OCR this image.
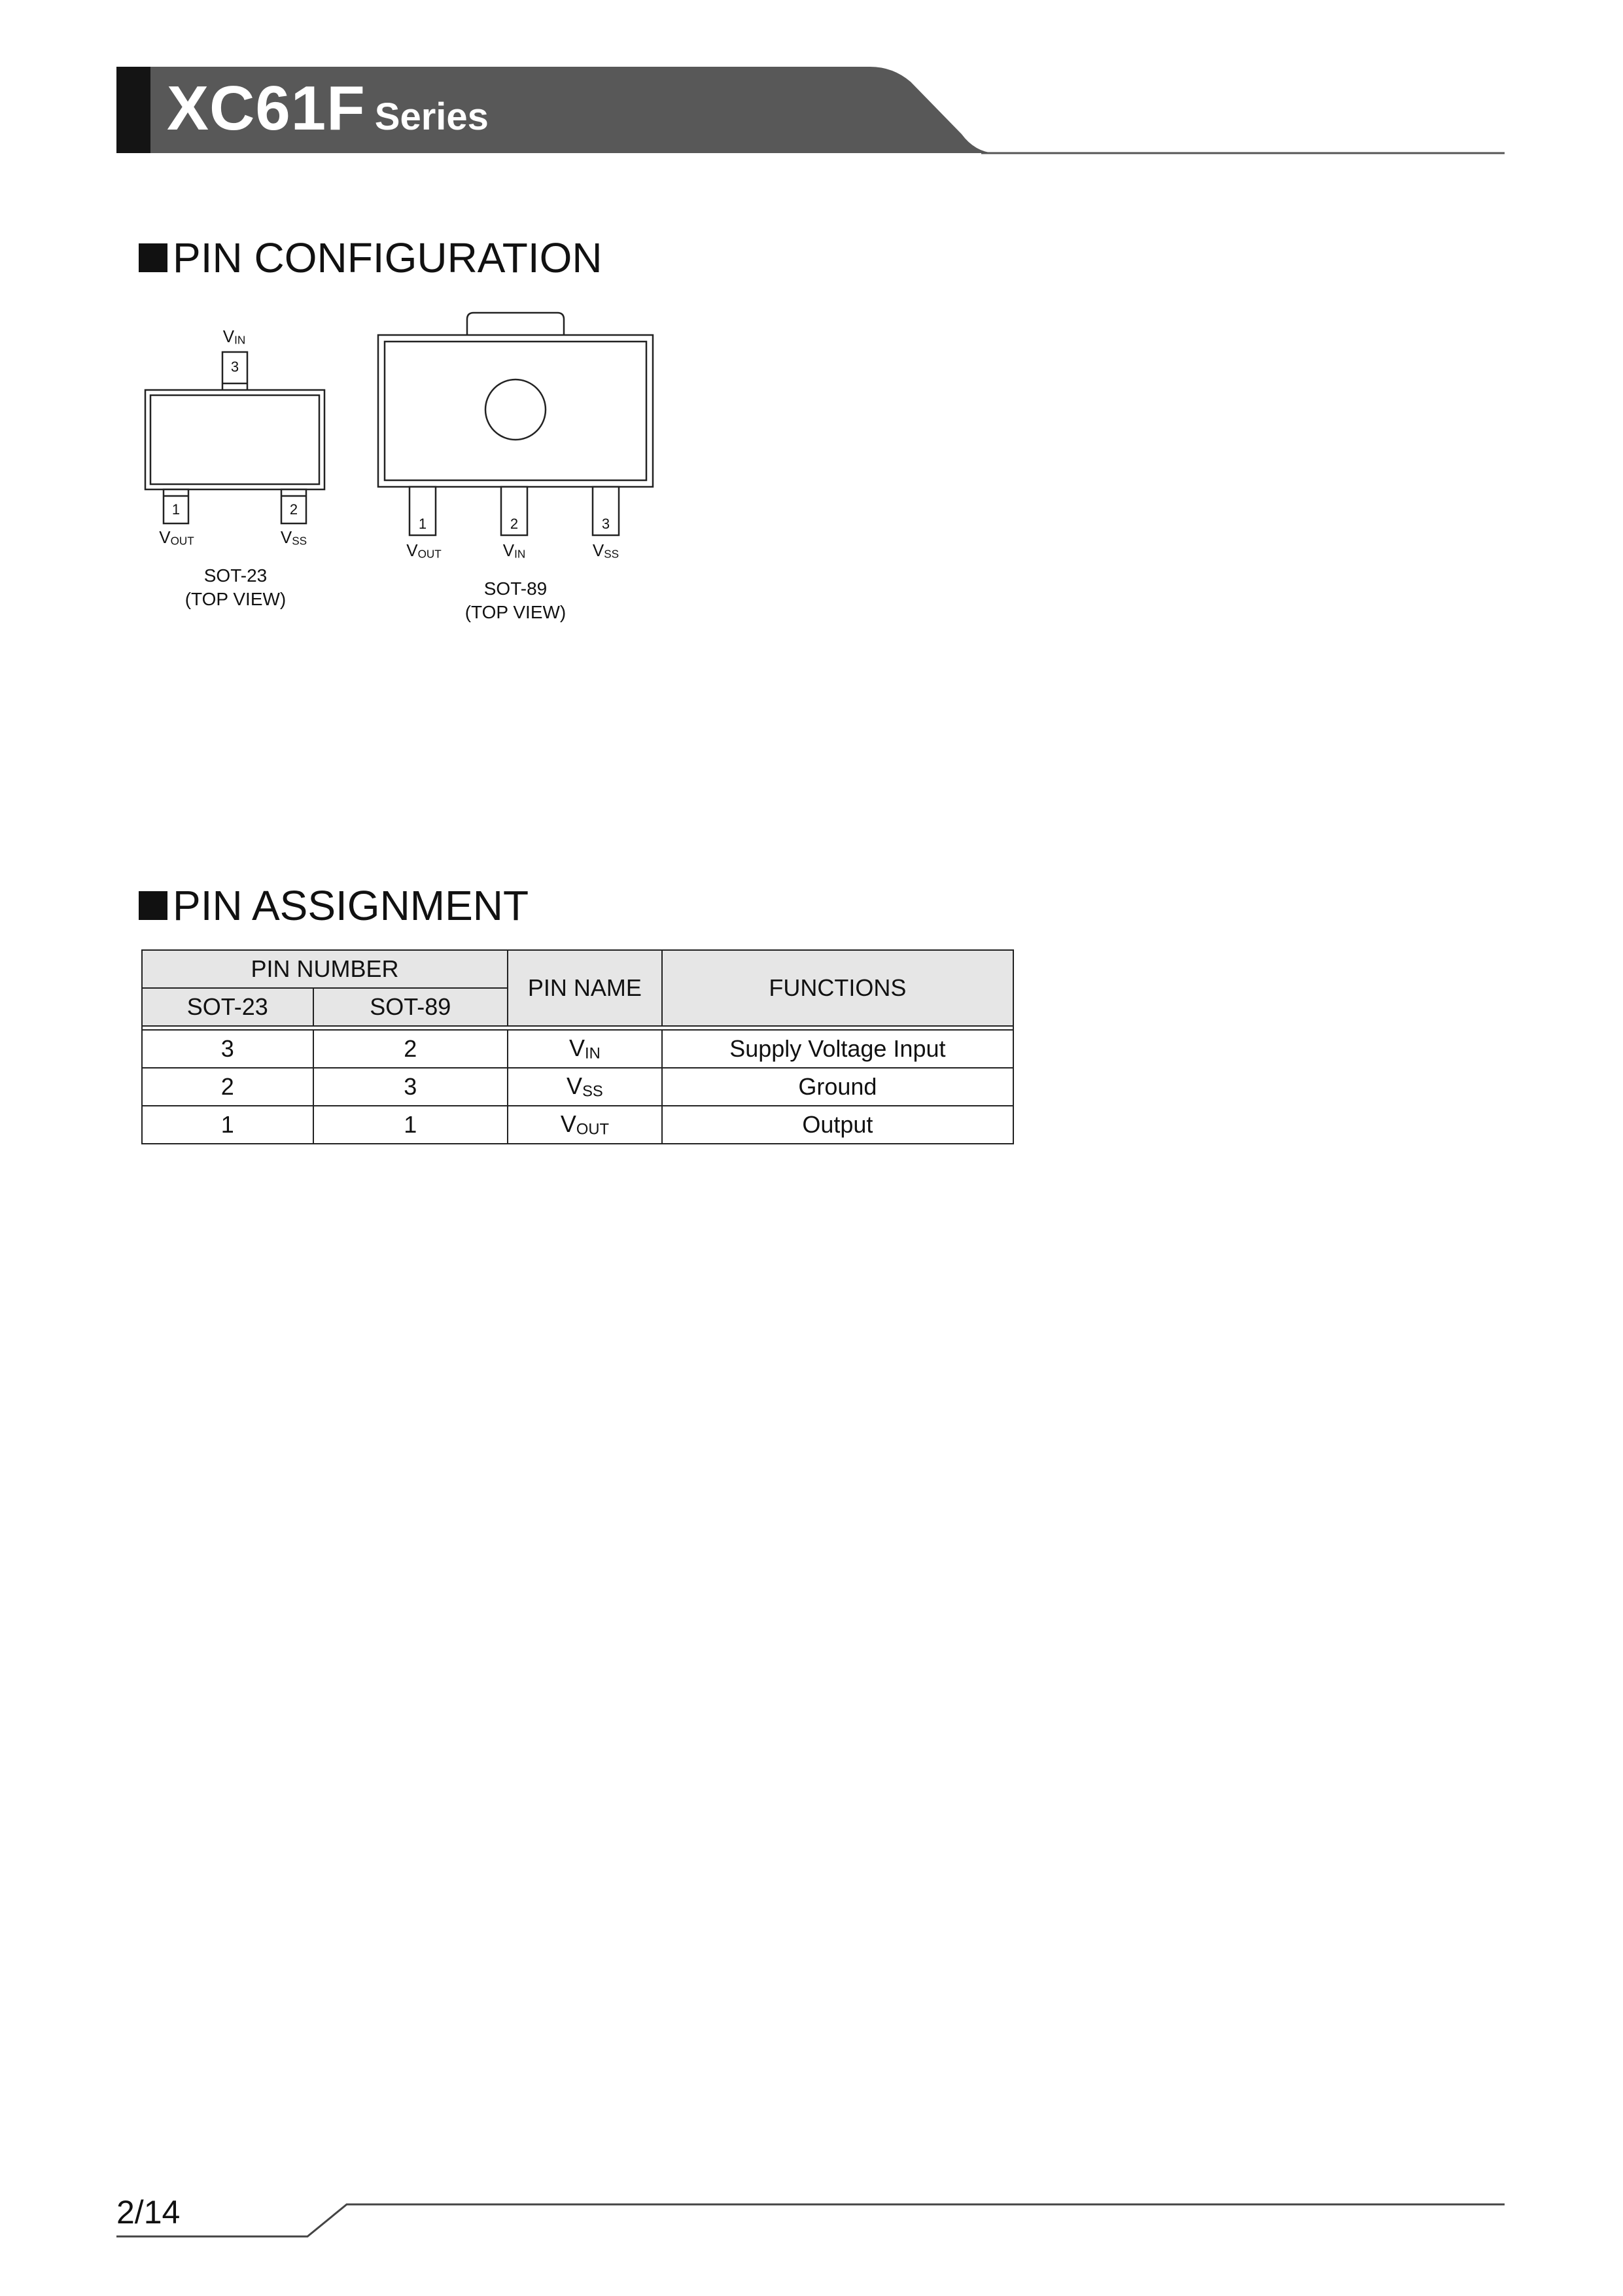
XC61F Series
PIN CONFIGURATION
$V_{IN}$
3
1	2
$V_{OUT}$	$V_{SS}$
SOT-23
(TOP VIEW)
1	2	3
$V_{OUT}$	$V_{IN}$	$V_{SS}$
SOT-89
(TOP VIEW)
PIN ASSIGNMENT
PIN NUMBER		PIN NAME	FUNCTIONS
SOT-23	SOT-89		

3	2	$V_{IN}$	Supply Voltage Input
2	3	$V_{SS}$	Ground
1	1	$V_{OUT}$	Output
2/14
